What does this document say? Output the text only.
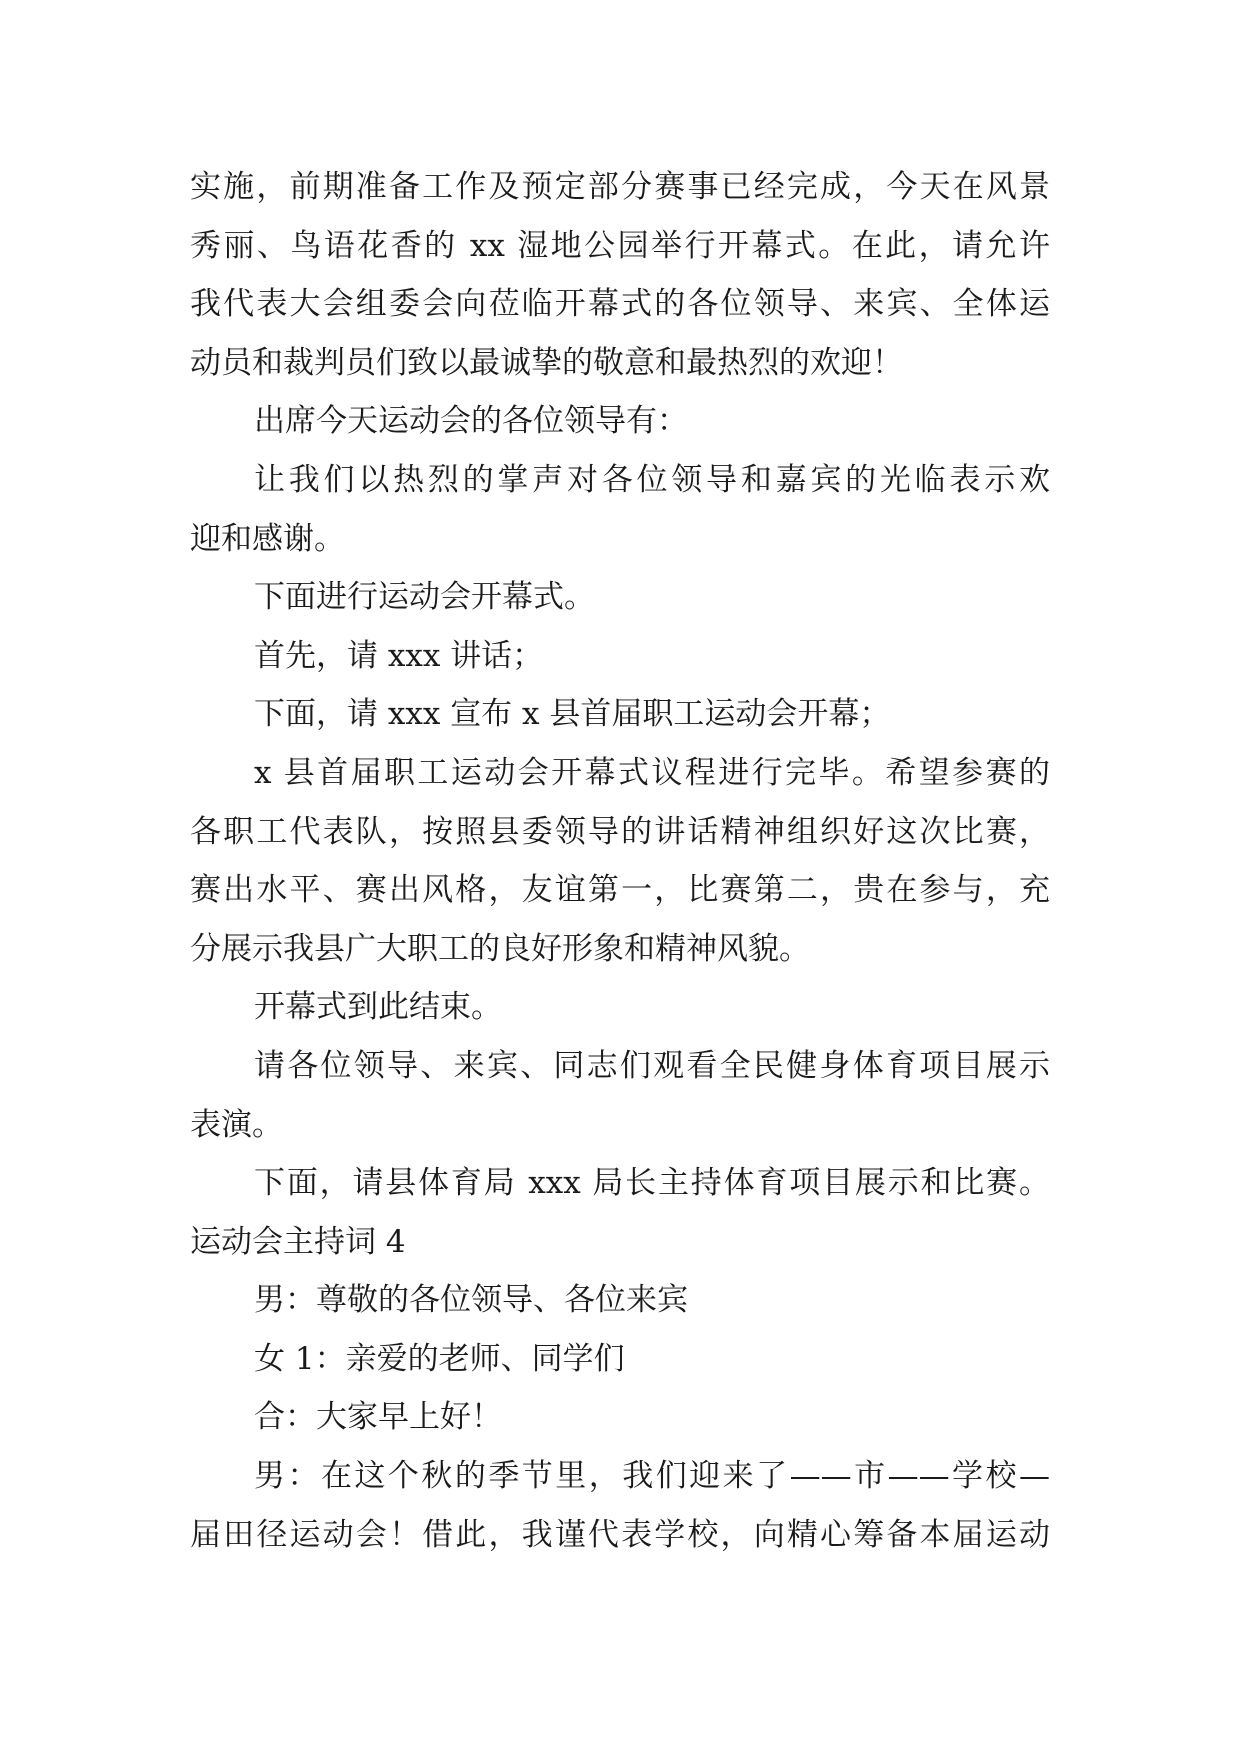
实施，前期准备工作及预定部分赛事已经完成，今天在风景
秀丽、鸟语花香的 xx 湿地公园举行开幕式。在此，请允许
我代表大会组委会向莅临开幕式的各位领导、来宾、全体运
动员和裁判员们致以最诚挚的敬意和最热烈的欢迎！
出席今天运动会的各位领导有：
让我们以热烈的掌声对各位领导和嘉宾的光临表示欢
迎和感谢。
下面进行运动会开幕式。
首先，请 xxx 讲话；
下面，请 xxx 宣布 x 县首届职工运动会开幕；
x 县首届职工运动会开幕式议程进行完毕。希望参赛的
各职工代表队，按照县委领导的讲话精神组织好这次比赛，
赛出水平、赛出风格，友谊第一，比赛第二，贵在参与，充
分展示我县广大职工的良好形象和精神风貌。
开幕式到此结束。
请各位领导、来宾、同志们观看全民健身体育项目展示
表演。
下面，请县体育局 xxx 局长主持体育项目展示和比赛。
运动会主持词 4
男：尊敬的各位领导、各位来宾
女 1：亲爱的老师、同学们
合：大家早上好！
男：在这个秋的季节里，我们迎来了——市——学校—
届田径运动会！借此，我谨代表学校，向精心筹备本届运动
